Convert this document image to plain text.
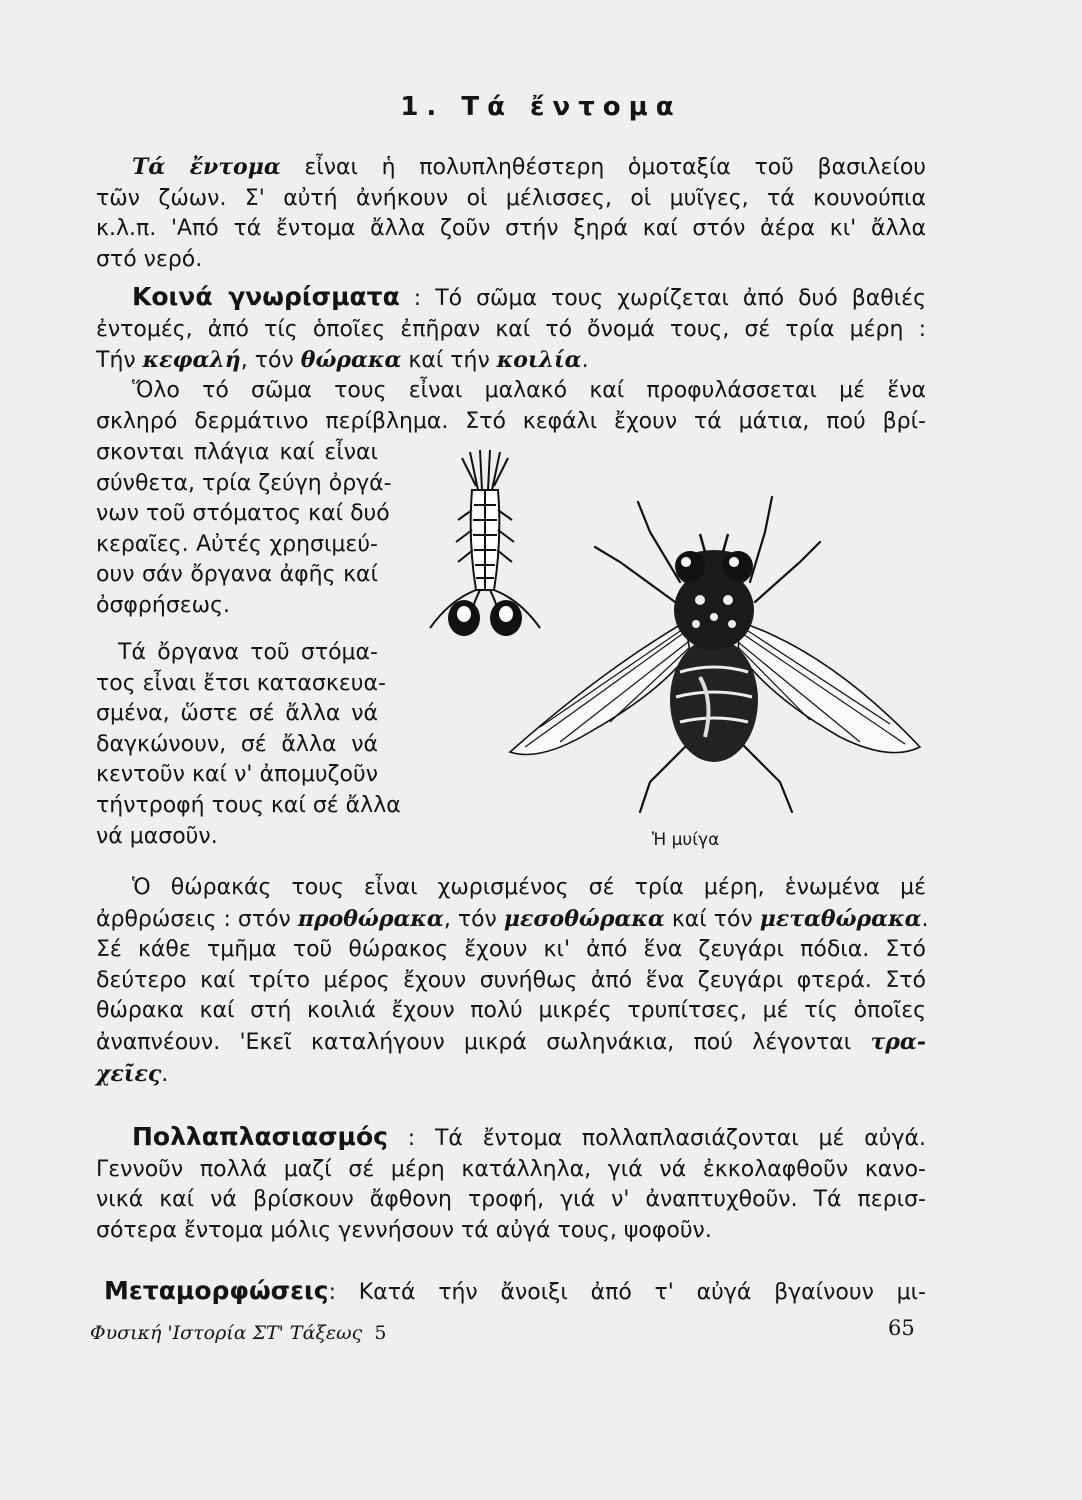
1. Τά ἔντομα
Τά ἔντομα εἶναι ἡ πολυπληθέστερη ὁμοταξία τοῦ βασιλείου
τῶν ζώων. Σ' αὐτή ἀνήκουν οἱ μέλισσες, οἱ μυῖγες, τά κουνούπια
κ.λ.π. 'Από τά ἔντομα ἄλλα ζοῦν στήν ξηρά καί στόν ἀέρα κι' ἄλλα
στό νερό.
Κοινά γνωρίσματα : Τό σῶμα τους χωρίζεται ἀπό δυό βαθιές
ἐντομές, ἀπό τίς ὁποῖες ἐπῆραν καί τό ὄνομά τους, σέ τρία μέρη :
Τήν κεφαλή, τόν θώρακα καί τήν κοιλία.
Ὅλο τό σῶμα τους εἶναι μαλακό καί προφυλάσσεται μέ ἕνα
σκληρό δερμάτινο περίβλημα. Στό κεφάλι ἔχουν τά μάτια, πού βρί-
σκονται πλάγια καί εἶναι
σύνθετα, τρία ζεύγη ὀργά-
νων τοῦ στόματος καί δυό
κεραῖες. Αὐτές χρησιμεύ-
ουν σάν ὄργανα ἀφῆς καί
ὀσφρήσεως.
Τά ὄργανα τοῦ στόμα-
τος εἶναι ἔτσι κατασκευα-
σμένα, ὥστε σέ ἄλλα νά
δαγκώνουν, σέ ἄλλα νά
κεντοῦν καί ν' ἀπομυζοῦν
τήντροφή τους καί σέ ἄλλα
νά μασοῦν.	Ἡ μυίγα
Ὁ θώρακάς τους εἶναι χωρισμένος σέ τρία μέρη, ἑνωμένα μέ
ἀρθρώσεις : στόν προθώρακα, τόν μεσοθώρακα καί τόν μεταθώρακα.
Σέ κάθε τμῆμα τοῦ θώρακος ἔχουν κι' ἀπό ἕνα ζευγάρι πόδια. Στό
δεύτερο καί τρίτο μέρος ἔχουν συνήθως ἀπό ἕνα ζευγάρι φτερά. Στό
θώρακα καί στή κοιλιά ἔχουν πολύ μικρές τρυπίτσες, μέ τίς ὁποῖες
ἀναπνέουν. 'Εκεῖ καταλήγουν μικρά σωληνάκια, πού λέγονται τρα-
χεῖες.
Πολλαπλασιασμός : Τά ἔντομα πολλαπλασιάζονται μέ αὐγά.
Γεννοῦν πολλά μαζί σέ μέρη κατάλληλα, γιά νά ἐκκολαφθοῦν κανο-
νικά καί νά βρίσκουν ἄφθονη τροφή, γιά ν' ἀναπτυχθοῦν. Τά περισ-
σότερα ἔντομα μόλις γεννήσουν τά αὐγά τους, ψοφοῦν.
Μεταμορφώσεις: Κατά τήν ἄνοιξι ἀπό τ' αὐγά βγαίνουν μι-
Φυσική 'Ιστορία ΣΤ' Τάξεως 5	65
